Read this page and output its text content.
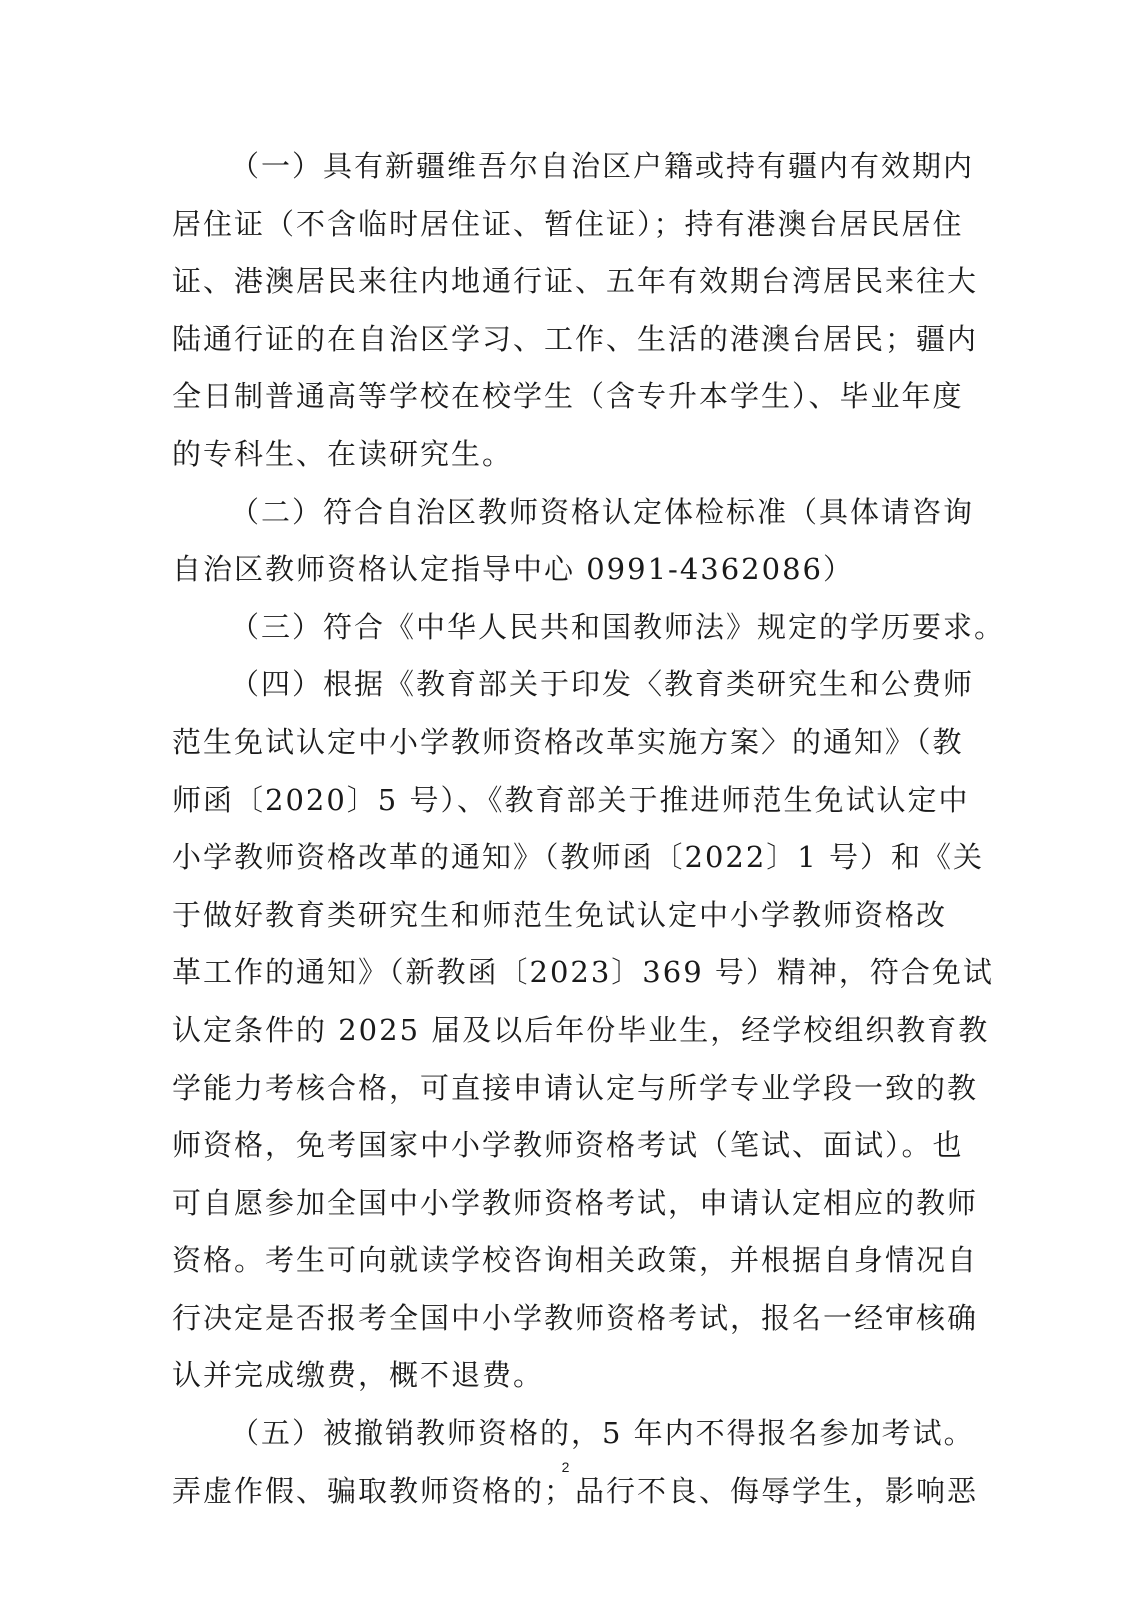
（一）具有新疆维吾尔自治区户籍或持有疆内有效期内
居住证（不含临时居住证、暂住证）；持有港澳台居民居住
证、港澳居民来往内地通行证、五年有效期台湾居民来往大
陆通行证的在自治区学习、工作、生活的港澳台居民；疆内
全日制普通高等学校在校学生（含专升本学生）、毕业年度
的专科生、在读研究生。
（二）符合自治区教师资格认定体检标准（具体请咨询
自治区教师资格认定指导中心 0991-4362086）
（三）符合《中华人民共和国教师法》规定的学历要求。
（四）根据《教育部关于印发〈教育类研究生和公费师
范生免试认定中小学教师资格改革实施方案〉的通知》（教
师函〔2020〕5 号）、《教育部关于推进师范生免试认定中
小学教师资格改革的通知》（教师函〔2022〕1 号）和《关
于做好教育类研究生和师范生免试认定中小学教师资格改
革工作的通知》（新教函〔2023〕369 号）精神，符合免试
认定条件的 2025 届及以后年份毕业生，经学校组织教育教
学能力考核合格，可直接申请认定与所学专业学段一致的教
师资格，免考国家中小学教师资格考试（笔试、面试）。也
可自愿参加全国中小学教师资格考试，申请认定相应的教师
资格。考生可向就读学校咨询相关政策，并根据自身情况自
行决定是否报考全国中小学教师资格考试，报名一经审核确
认并完成缴费，概不退费。
（五）被撤销教师资格的，5 年内不得报名参加考试。
弄虚作假、骗取教师资格的；品行不良、侮辱学生，影响恶
2
